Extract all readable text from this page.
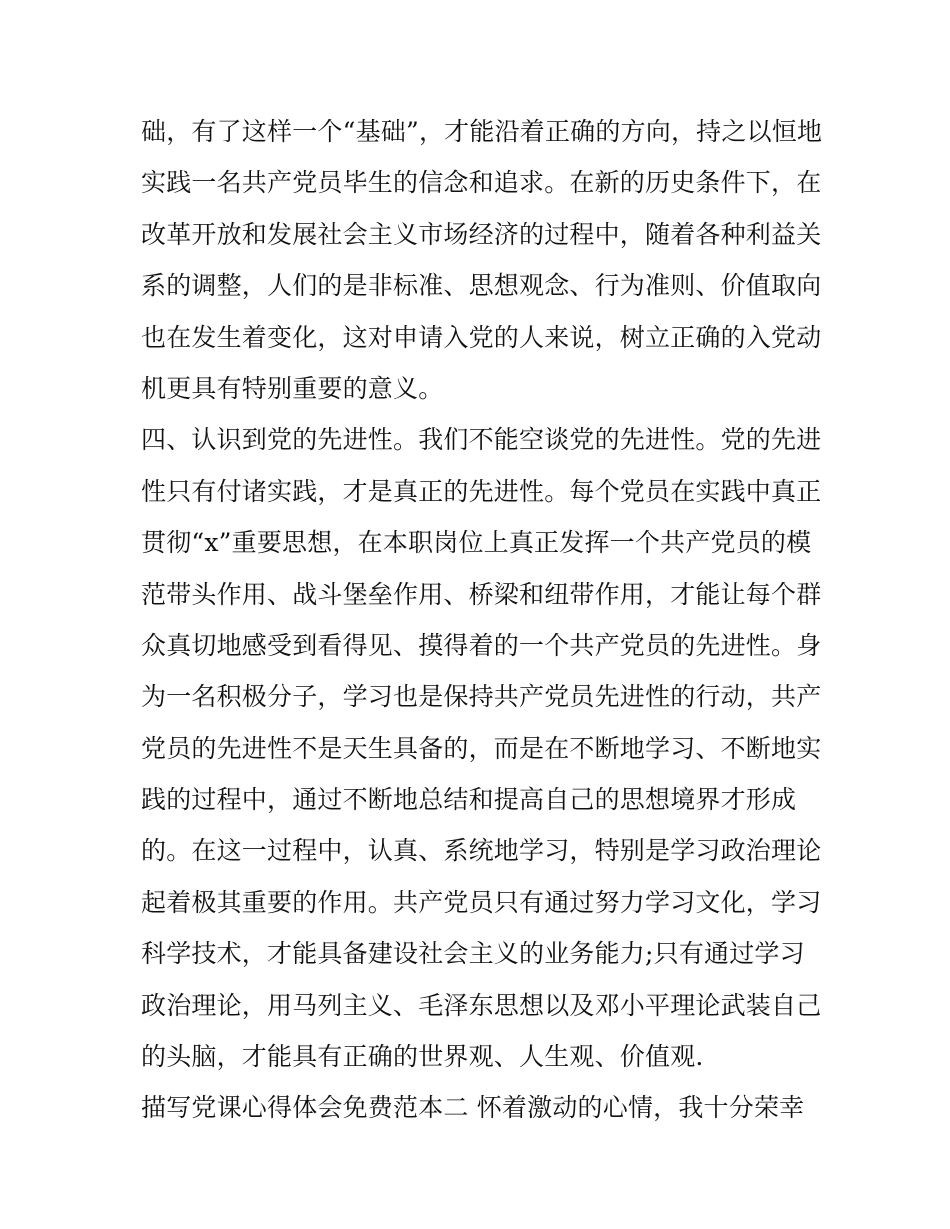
础，有了这样一个“基础”，才能沿着正确的方向，持之以恒地
实践一名共产党员毕生的信念和追求。在新的历史条件下，在
改革开放和发展社会主义市场经济的过程中，随着各种利益关
系的调整，人们的是非标准、思想观念、行为准则、价值取向
也在发生着变化，这对申请入党的人来说，树立正确的入党动
机更具有特别重要的意义。
四、认识到党的先进性。我们不能空谈党的先进性。党的先进
性只有付诸实践，才是真正的先进性。每个党员在实践中真正
贯彻“x”重要思想，在本职岗位上真正发挥一个共产党员的模
范带头作用、战斗堡垒作用、桥梁和纽带作用，才能让每个群
众真切地感受到看得见、摸得着的一个共产党员的先进性。身
为一名积极分子，学习也是保持共产党员先进性的行动，共产
党员的先进性不是天生具备的，而是在不断地学习、不断地实
践的过程中，通过不断地总结和提高自己的思想境界才形成
的。在这一过程中，认真、系统地学习，特别是学习政治理论
起着极其重要的作用。共产党员只有通过努力学习文化，学习
科学技术，才能具备建设社会主义的业务能力;只有通过学习
政治理论，用马列主义、毛泽东思想以及邓小平理论武装自己
的头脑，才能具有正确的世界观、人生观、价值观.
描写党课心得体会免费范本二 怀着激动的心情，我十分荣幸
